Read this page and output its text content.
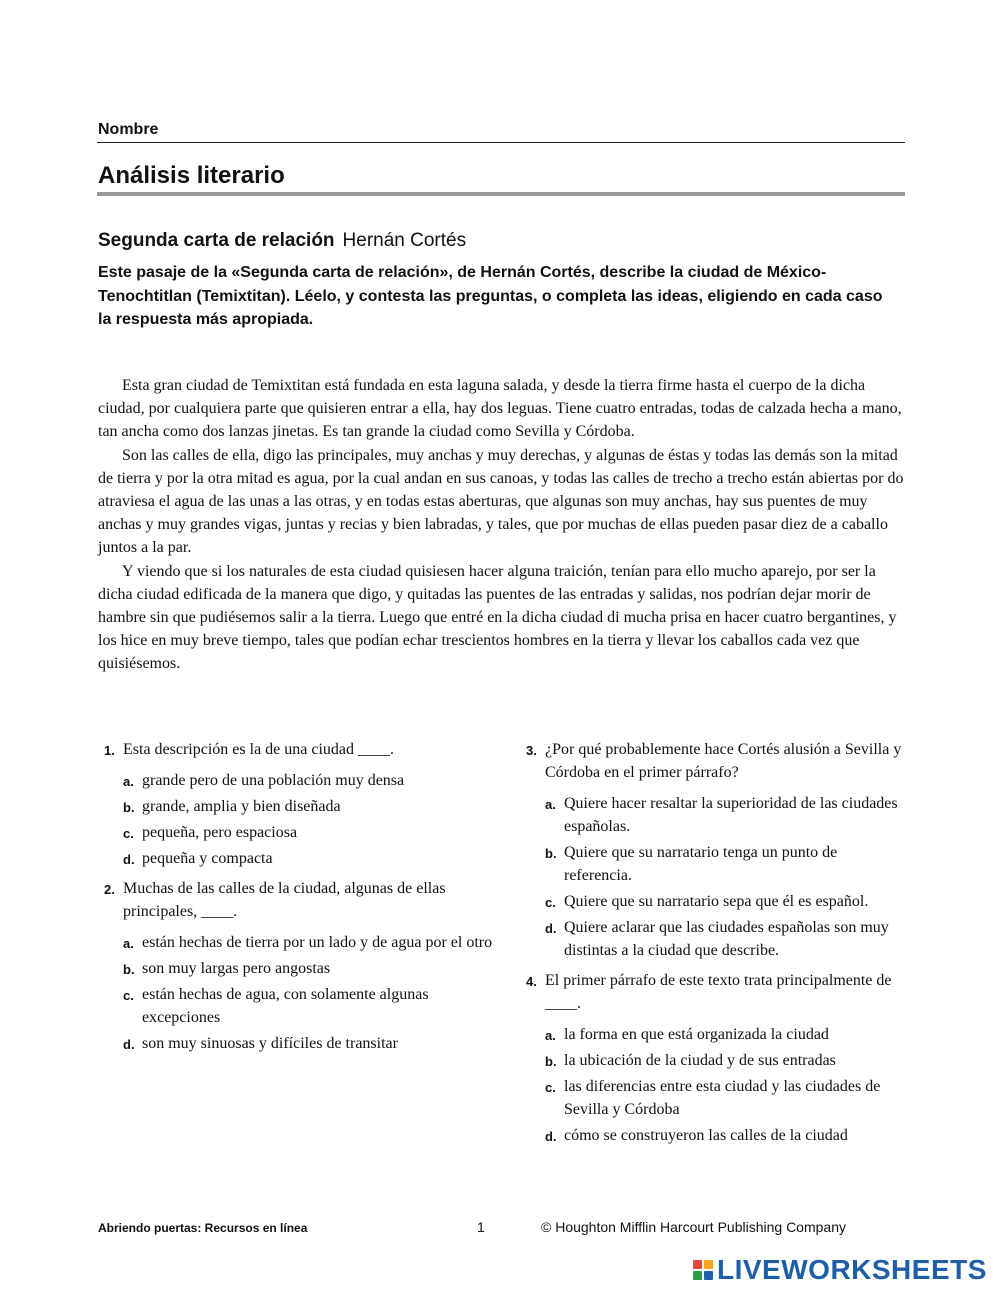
Nombre
Análisis literario
Segunda carta de relación Hernán Cortés
Este pasaje de la «Segunda carta de relación», de Hernán Cortés, describe la ciudad de México-Tenochtitlan (Temixtitan). Léelo, y contesta las preguntas, o completa las ideas, eligiendo en cada caso la respuesta más apropiada.

Esta gran ciudad de Temixtitan está fundada en esta laguna salada, y desde la tierra firme hasta el cuerpo de la dicha ciudad, por cualquiera parte que quisieren entrar a ella, hay dos leguas. Tiene cuatro entradas, todas de calzada hecha a mano, tan ancha como dos lanzas jinetas. Es tan grande la ciudad como Sevilla y Córdoba.

Son las calles de ella, digo las principales, muy anchas y muy derechas, y algunas de éstas y todas las demás son la mitad de tierra y por la otra mitad es agua, por la cual andan en sus canoas, y todas las calles de trecho a trecho están abiertas por do atraviesa el agua de las unas a las otras, y en todas estas aberturas, que algunas son muy anchas, hay sus puentes de muy anchas y muy grandes vigas, juntas y recias y bien labradas, y tales, que por muchas de ellas pueden pasar diez de a caballo juntos a la par.

Y viendo que si los naturales de esta ciudad quisiesen hacer alguna traición, tenían para ello mucho aparejo, por ser la dicha ciudad edificada de la manera que digo, y quitadas las puentes de las entradas y salidas, nos podrían dejar morir de hambre sin que pudiésemos salir a la tierra. Luego que entré en la dicha ciudad di mucha prisa en hacer cuatro bergantines, y los hice en muy breve tiempo, tales que podían echar trescientos hombres en la tierra y llevar los caballos cada vez que quisiésemos.

1. Esta descripción es la de una ciudad ____.
a. grande pero de una población muy densa
b. grande, amplia y bien diseñada
c. pequeña, pero espaciosa
d. pequeña y compacta
2. Muchas de las calles de la ciudad, algunas de ellas principales, ____.
a. están hechas de tierra por un lado y de agua por el otro
b. son muy largas pero angostas
c. están hechas de agua, con solamente algunas excepciones
d. son muy sinuosas y difíciles de transitar
3. ¿Por qué probablemente hace Cortés alusión a Sevilla y Córdoba en el primer párrafo?
a. Quiere hacer resaltar la superioridad de las ciudades españolas.
b. Quiere que su narratario tenga un punto de referencia.
c. Quiere que su narratario sepa que él es español.
d. Quiere aclarar que las ciudades españolas son muy distintas a la ciudad que describe.
4. El primer párrafo de este texto trata principalmente de ____.
a. la forma en que está organizada la ciudad
b. la ubicación de la ciudad y de sus entradas
c. las diferencias entre esta ciudad y las ciudades de Sevilla y Córdoba
d. cómo se construyeron las calles de la ciudad
Abriendo puertas: Recursos en línea	1	© Houghton Mifflin Harcourt Publishing Company
LIVEWORKSHEETS
